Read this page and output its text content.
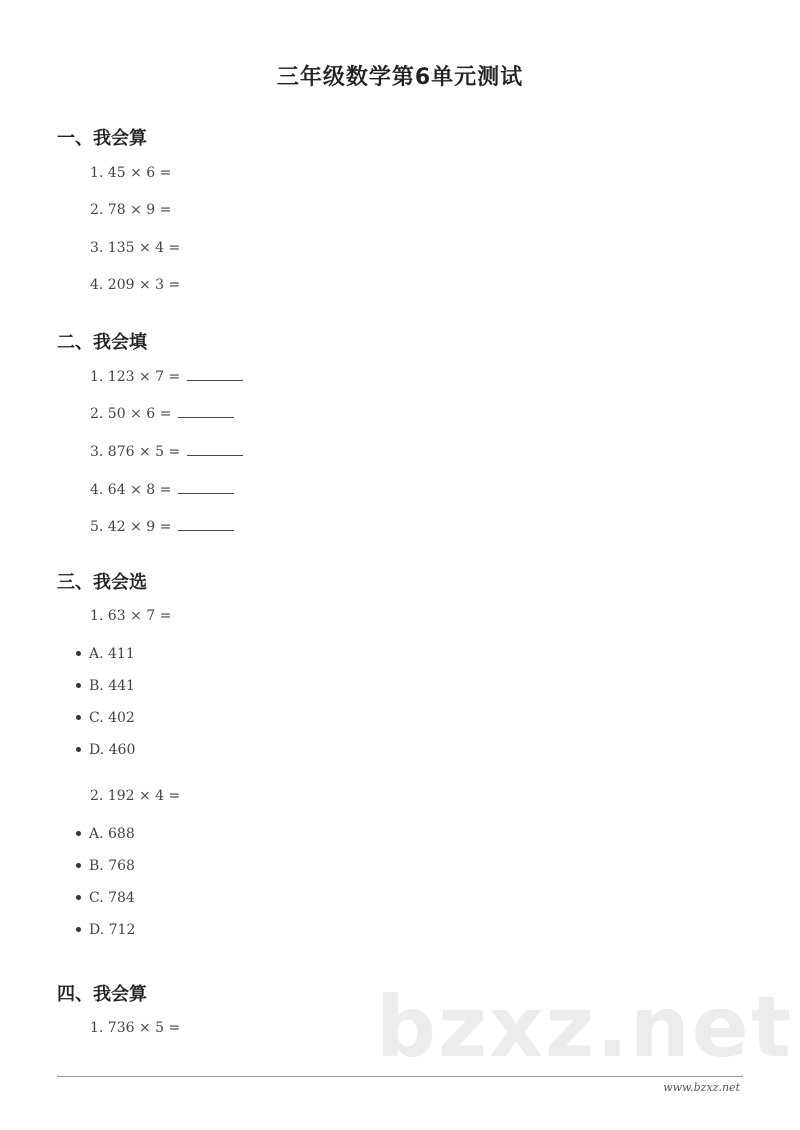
三年级数学第6单元测试
一、我会算
1. 45 × 6 =
2. 78 × 9 =
3. 135 × 4 =
4. 209 × 3 =
二、我会填
1. 123 × 7 =
2. 50 × 6 =
3. 876 × 5 =
4. 64 × 8 =
5. 42 × 9 =
三、我会选
1. 63 × 7 =
A. 411
B. 441
C. 402
D. 460
2. 192 × 4 =
A. 688
B. 768
C. 784
D. 712
四、我会算
1. 736 × 5 = bzxz.net
www.bzxz.net
